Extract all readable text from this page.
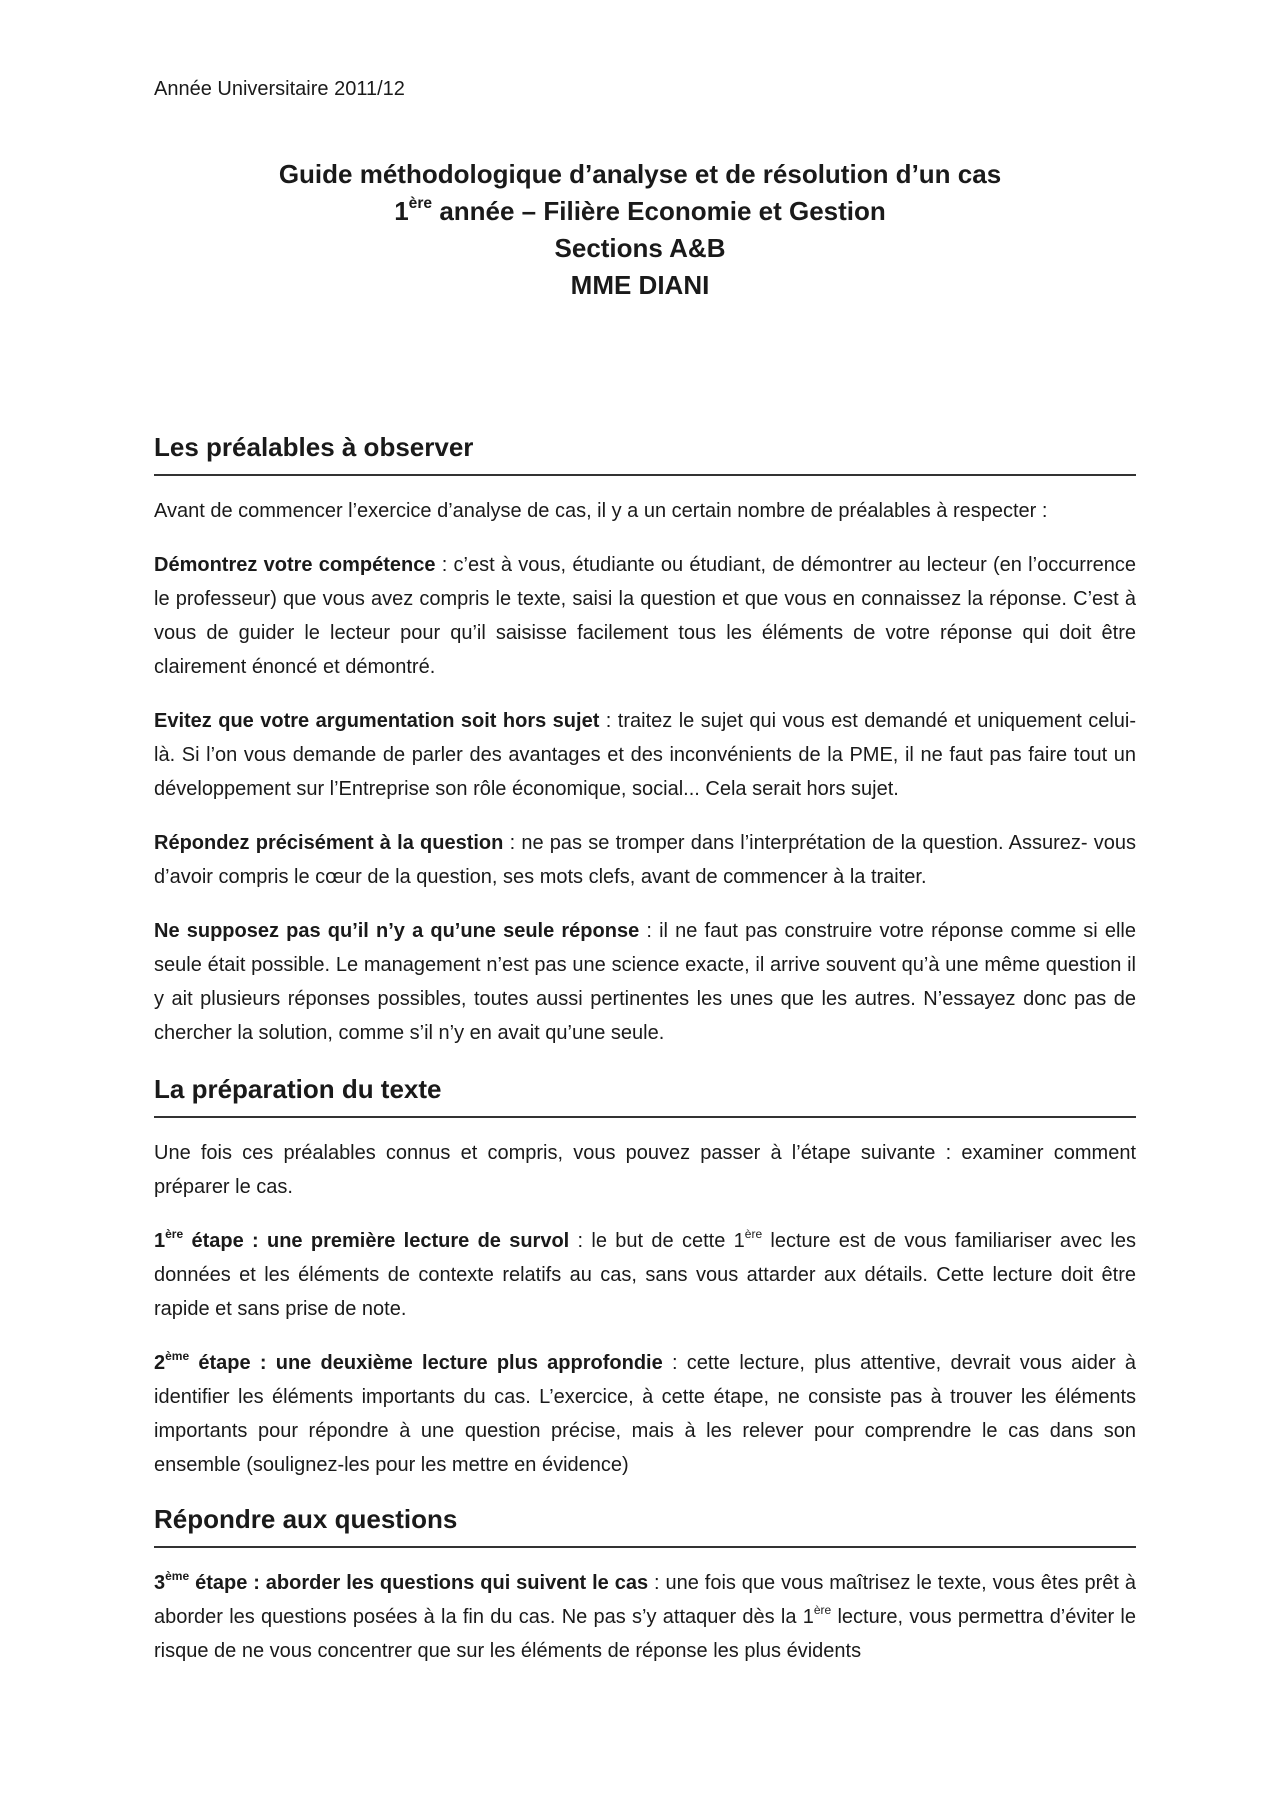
Année Universitaire 2011/12
Guide méthodologique d’analyse et de résolution d’un cas
1ère année – Filière Economie et Gestion
Sections A&B
MME DIANI
Les préalables à observer

Avant de commencer l’exercice d’analyse de cas, il y a un certain nombre de préalables à respecter :

Démontrez votre compétence : c’est à vous, étudiante ou étudiant, de démontrer au lecteur (en l’occurrence le professeur) que vous avez compris le texte, saisi la question et que vous en connaissez la réponse. C’est à vous de guider le lecteur pour qu’il saisisse facilement tous les éléments de votre réponse qui doit être clairement énoncé et démontré.

Evitez que votre argumentation soit hors sujet : traitez le sujet qui vous est demandé et uniquement celui-là. Si l’on vous demande de parler des avantages et des inconvénients de la PME, il ne faut pas faire tout un développement sur l’Entreprise son rôle économique, social... Cela serait hors sujet.

Répondez précisément à la question : ne pas se tromper dans l’interprétation de la question. Assurez- vous d’avoir compris le cœur de la question, ses mots clefs, avant de commencer à la traiter.

Ne supposez pas qu’il n’y a qu’une seule réponse : il ne faut pas construire votre réponse comme si elle seule était possible. Le management n’est pas une science exacte, il arrive souvent qu’à une même question il y ait plusieurs réponses possibles, toutes aussi pertinentes les unes que les autres. N’essayez donc pas de chercher la solution, comme s’il n’y en avait qu’une seule.

La préparation du texte

Une fois ces préalables connus et compris, vous pouvez passer à l’étape suivante : examiner comment préparer le cas.

1ère étape : une première lecture de survol : le but de cette 1ère lecture est de vous familiariser avec les données et les éléments de contexte relatifs au cas, sans vous attarder aux détails. Cette lecture doit être rapide et sans prise de note.

2ème étape : une deuxième lecture plus approfondie : cette lecture, plus attentive, devrait vous aider à identifier les éléments importants du cas. L’exercice, à cette étape, ne consiste pas à trouver les éléments importants pour répondre à une question précise, mais à les relever pour comprendre le cas dans son ensemble (soulignez-les pour les mettre en évidence)

Répondre aux questions

3ème étape : aborder les questions qui suivent le cas : une fois que vous maîtrisez le texte, vous êtes prêt à aborder les questions posées à la fin du cas. Ne pas s’y attaquer dès la 1ère lecture, vous permettra d’éviter le risque de ne vous concentrer que sur les éléments de réponse les plus évidents
